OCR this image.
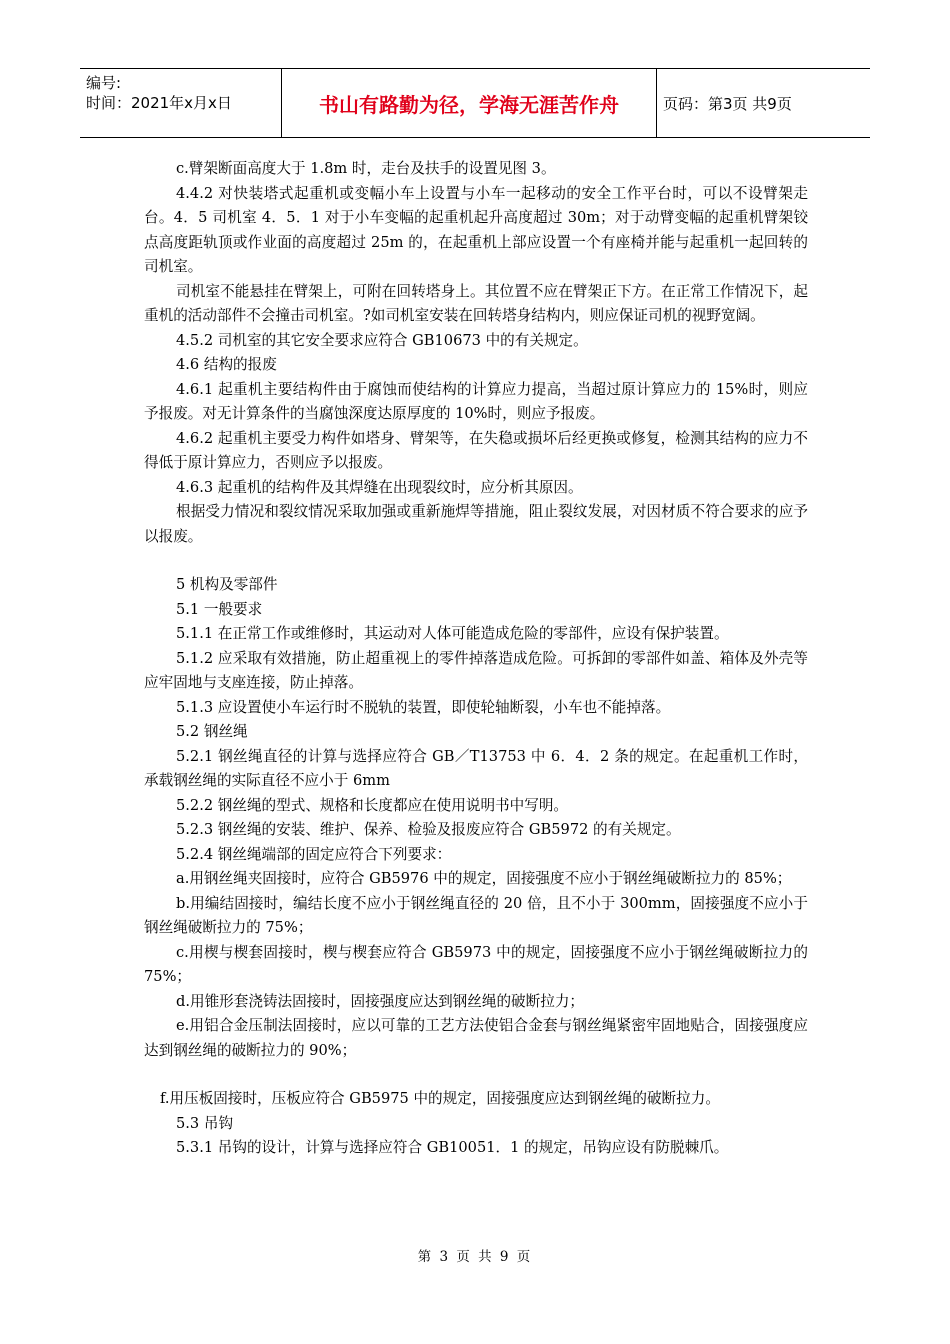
编号:
时间：2021年x月x日	书山有路勤为径，学海无涯苦作舟	页码：第3页 共9页

c.臂架断面高度大于 1.8m 时，走台及扶手的设置见图 3。

4.4.2 对快装塔式起重机或变幅小车上设置与小车一起移动的安全工作平台时，可以不设臂架走台。4．5 司机室 4．5．1 对于小车变幅的起重机起升高度超过 30m；对于动臂变幅的起重机臂架铰点高度距轨顶或作业面的高度超过 25m 的，在起重机上部应设置一个有座椅并能与起重机一起回转的司机室。

司机室不能悬挂在臂架上，可附在回转塔身上。其位置不应在臂架正下方。在正常工作情况下，起重机的活动部件不会撞击司机室。?如司机室安装在回转塔身结构内，则应保证司机的视野宽阔。

4.5.2 司机室的其它安全要求应符合 GB10673 中的有关规定。

4.6 结构的报废

4.6.1 起重机主要结构件由于腐蚀而使结构的计算应力提高，当超过原计算应力的 15%时，则应予报废。对无计算条件的当腐蚀深度达原厚度的 10%时，则应予报废。

4.6.2 起重机主要受力构件如塔身、臂架等，在失稳或损坏后经更换或修复，检测其结构的应力不得低于原计算应力，否则应予以报废。

4.6.3 起重机的结构件及其焊缝在出现裂纹时，应分析其原因。

根据受力情况和裂纹情况采取加强或重新施焊等措施，阻止裂纹发展，对因材质不符合要求的应予以报废。

5 机构及零部件

5.1 一般要求

5.1.1 在正常工作或维修时，其运动对人体可能造成危险的零部件，应设有保护装置。

5.1.2 应采取有效措施，防止超重视上的零件掉落造成危险。可拆卸的零部件如盖、箱体及外壳等应牢固地与支座连接，防止掉落。

5.1.3 应设置使小车运行时不脱轨的装置，即使轮轴断裂，小车也不能掉落。

5.2 钢丝绳

5.2.1 钢丝绳直径的计算与选择应符合 GB／T13753 中 6．4．2 条的规定。在起重机工作时，承载钢丝绳的实际直径不应小于 6mm

5.2.2 钢丝绳的型式、规格和长度都应在使用说明书中写明。

5.2.3 钢丝绳的安装、维护、保养、检验及报废应符合 GB5972 的有关规定。

5.2.4 钢丝绳端部的固定应符合下列要求：

a.用钢丝绳夹固接时，应符合 GB5976 中的规定，固接强度不应小于钢丝绳破断拉力的 85%；

b.用编结固接时，编结长度不应小于钢丝绳直径的 20 倍，且不小于 300mm，固接强度不应小于钢丝绳破断拉力的 75%；

c.用楔与楔套固接时，楔与楔套应符合 GB5973 中的规定，固接强度不应小于钢丝绳破断拉力的 75%；

d.用锥形套浇铸法固接时，固接强度应达到钢丝绳的破断拉力；

e.用铝合金压制法固接时，应以可靠的工艺方法使铝合金套与钢丝绳紧密牢固地贴合，固接强度应达到钢丝绳的破断拉力的 90%；

f.用压板固接时，压板应符合 GB5975 中的规定，固接强度应达到钢丝绳的破断拉力。

5.3 吊钩

5.3.1 吊钩的设计，计算与选择应符合 GB10051．1 的规定，吊钩应设有防脱棘爪。

第 3 页 共 9 页
